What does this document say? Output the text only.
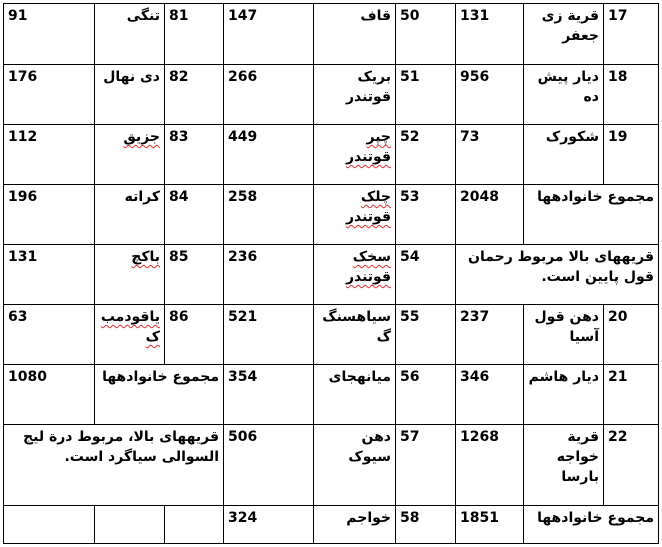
17	قریة زی جعفر	131	50	قاف	147	81	تنگی	91
18	دیار پیش ده	956	51	بریک قوتندر	266	82	دی نهال	176
19	شکورک	73	52	چپر قوتندر	449	83	جزیق	112
مجموع خانوادهها		2048	53	چلک قوتندر	258	84	کراته	196
قریههای بالا مربوط رحمان قول پایین است.			54	سخک قوتندر	236	85	باکچ	131
20	دهن قول آسیا	237	55	سیاهسنگ گ	521	86	یاقودمب ک	63
21	دیار هاشم	346	56	میانهجای	354	مجموع خانوادهها		1080
22	قریة خواجه بارسا	1268	57	دهن سیوک	506	قریههای بالا، مربوط درة لیج السوالی سیاگرد است.		
مجموع خانوادهها		1851	58	خواجم	324			
